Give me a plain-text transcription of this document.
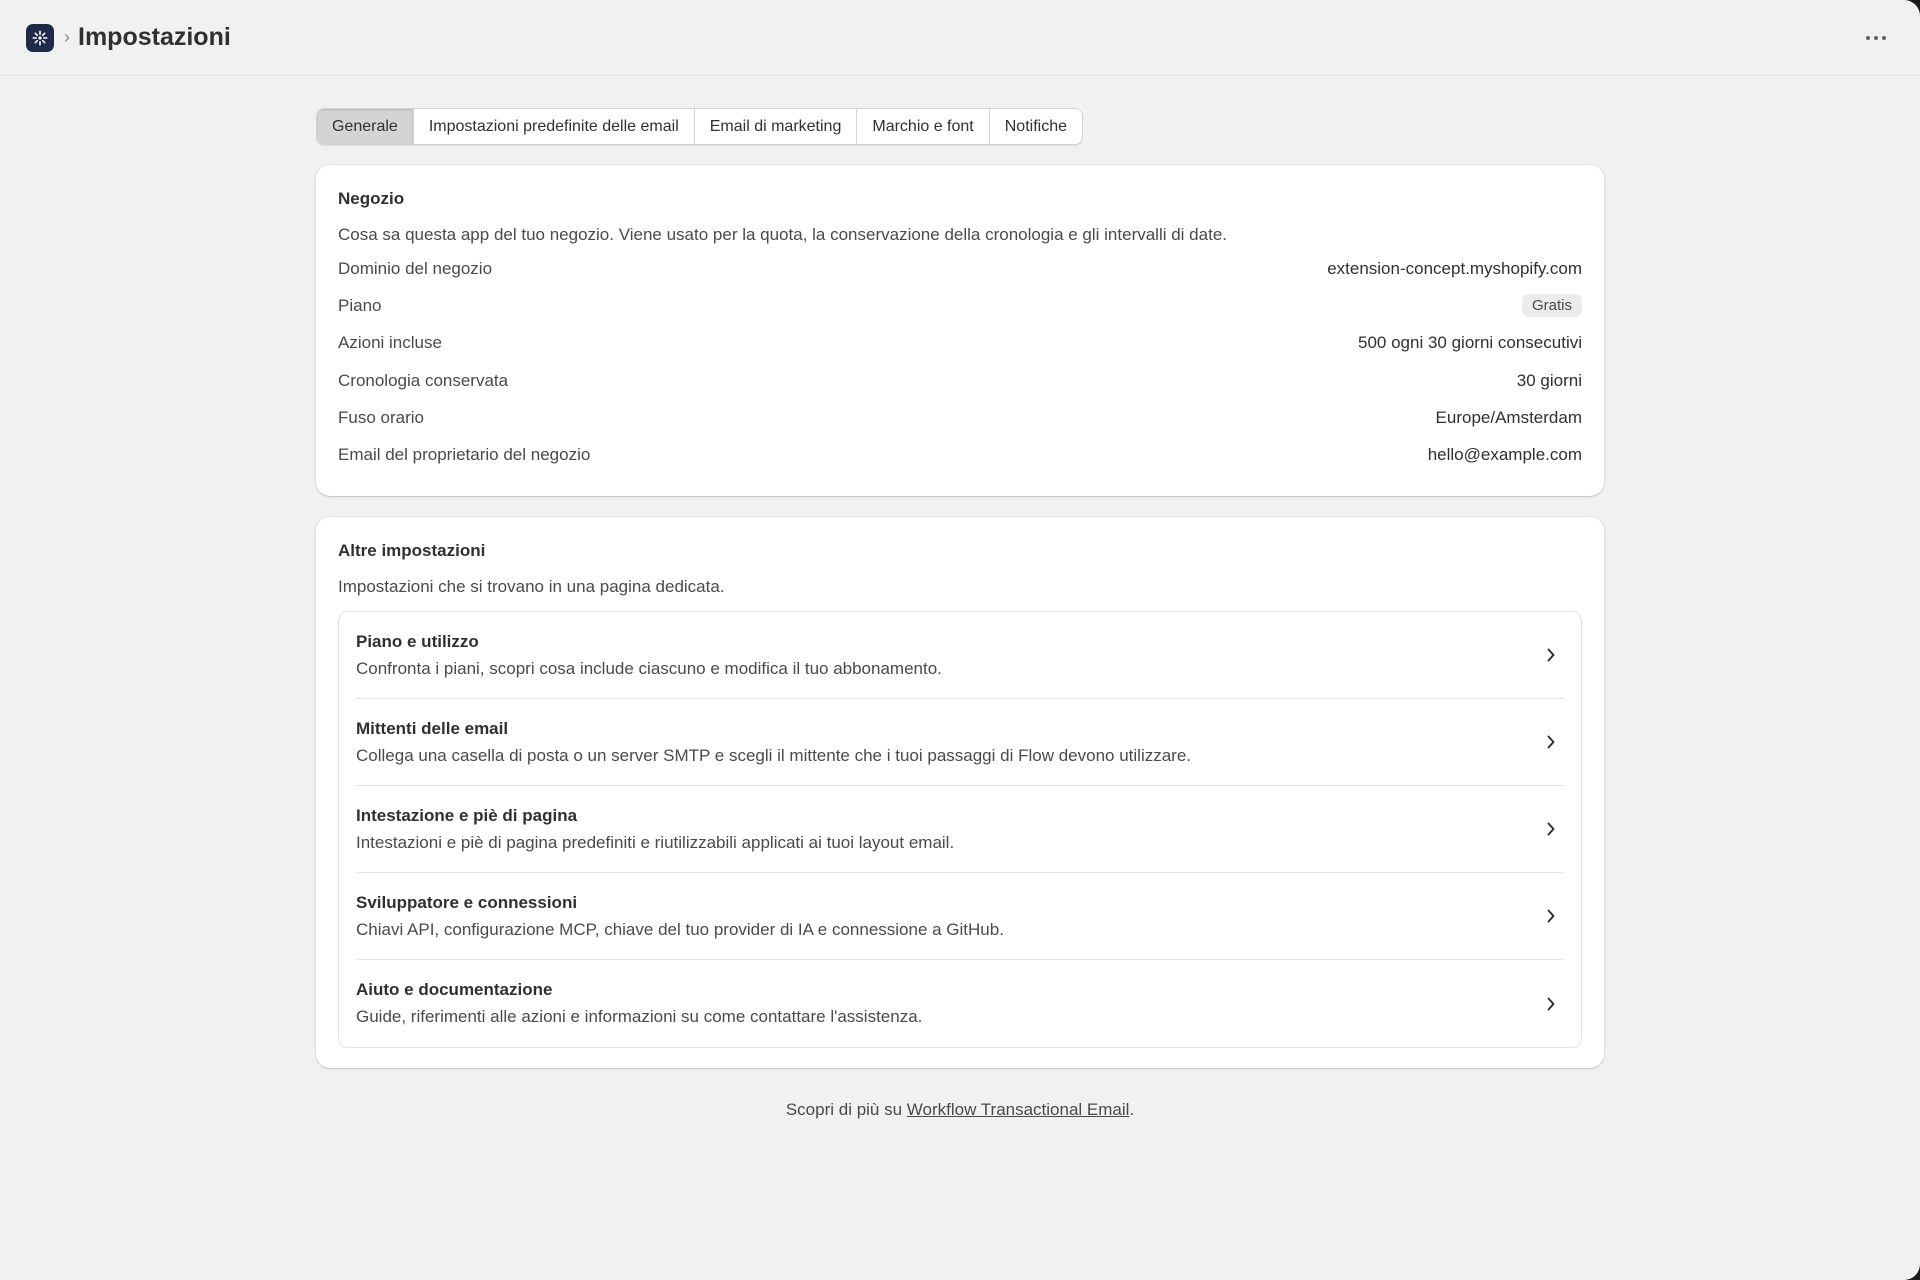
› Impostazioni
Generale	Impostazioni predefinite delle email	Email di marketing	Marchio e font	Notifiche
Negozio

Cosa sa questa app del tuo negozio. Viene usato per la quota, la conservazione della cronologia e gli intervalli di date.

Dominio del negozio	extension-concept.myshopify.com
Piano	Gratis
Azioni incluse	500 ogni 30 giorni consecutivi
Cronologia conservata	30 giorni
Fuso orario	Europe/Amsterdam
Email del proprietario del negozio	hello@example.com
Altre impostazioni

Impostazioni che si trovano in una pagina dedicata.

Piano e utilizzo
Confronta i piani, scopri cosa include ciascuno e modifica il tuo abbonamento.
Mittenti delle email
Collega una casella di posta o un server SMTP e scegli il mittente che i tuoi passaggi di Flow devono utilizzare.
Intestazione e piè di pagina
Intestazioni e piè di pagina predefiniti e riutilizzabili applicati ai tuoi layout email.
Sviluppatore e connessioni
Chiavi API, configurazione MCP, chiave del tuo provider di IA e connessione a GitHub.
Aiuto e documentazione
Guide, riferimenti alle azioni e informazioni su come contattare l'assistenza.

Scopri di più su Workflow Transactional Email.
